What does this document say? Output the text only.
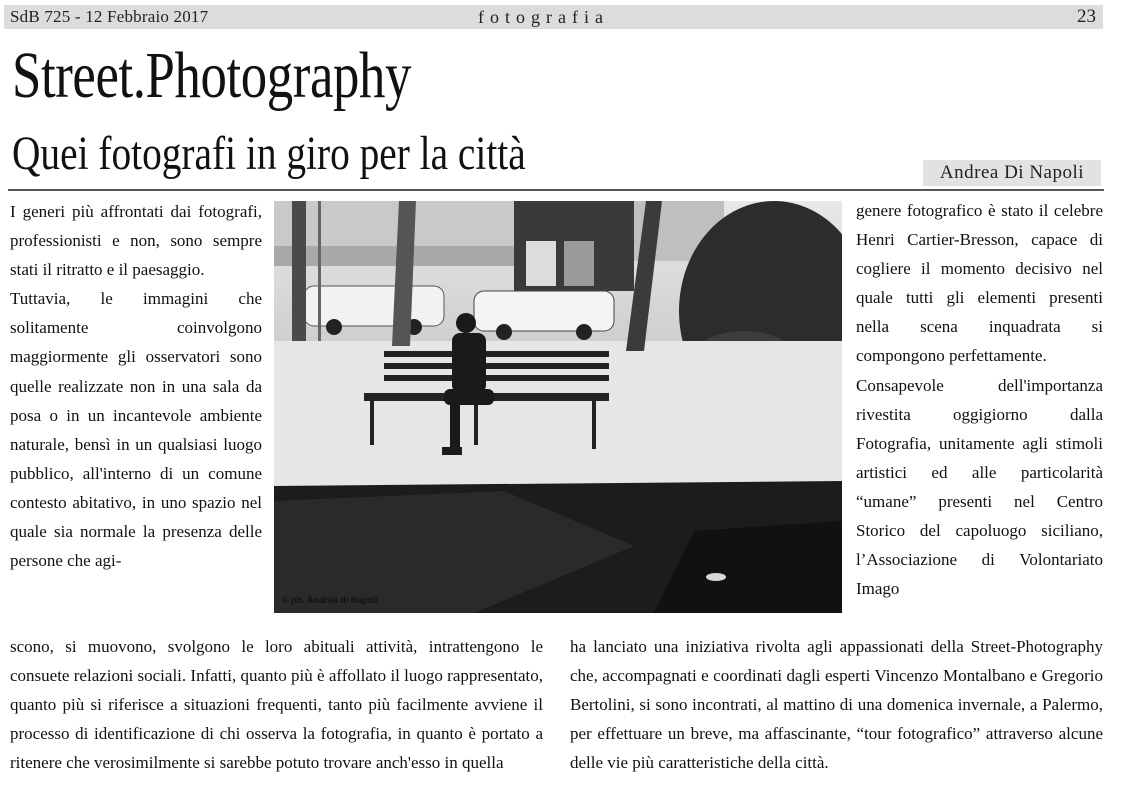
SdB 725 - 12 Febbraio 2017	fotografia	23
Street.Photography
Quei fotografi in giro per la città	Andrea Di Napoli

I generi più affrontati dai fotografi, professionisti e non, sono sempre stati il ritratto e il paesaggio.

Tuttavia, le immagini che solitamente coinvolgono maggiormente gli osservatori sono quelle realizzate non in una sala da posa o in un incantevole ambiente naturale, bensì in un qualsiasi luogo pubblico, all'interno di un comune contesto abitativo, in uno spazio nel quale sia normale la presenza delle persone che agi-

© ph. Andrea di Napoli

genere fotografico è stato il celebre Henri Cartier-Bresson, capace di cogliere il momento decisivo nel quale tutti gli elementi presenti nella scena inquadrata si compongono perfettamente.

Consapevole dell'importanza rivestita oggigiorno dalla Fotografia, unitamente agli stimoli artistici ed alle particolarità “umane” presenti nel Centro Storico del capoluogo siciliano, l’Associazione di Volontariato Imago

scono, si muovono, svolgono le loro abituali attività, intrattengono le consuete relazioni sociali. Infatti, quanto più è affollato il luogo rappresentato, quanto più si riferisce a situazioni frequenti, tanto più facilmente avviene il processo di identificazione di chi osserva la fotografia, in quanto è portato a ritenere che verosimilmente si sarebbe potuto trovare anch'esso in quella

ha lanciato una iniziativa rivolta agli appassionati della Street-Photography che, accompagnati e coordinati dagli esperti Vincenzo Montalbano e Gregorio Bertolini, si sono incontrati, al mattino di una domenica invernale, a Palermo, per effettuare un breve, ma affascinante, “tour fotografico” attraverso alcune delle vie più caratteristiche della città.
